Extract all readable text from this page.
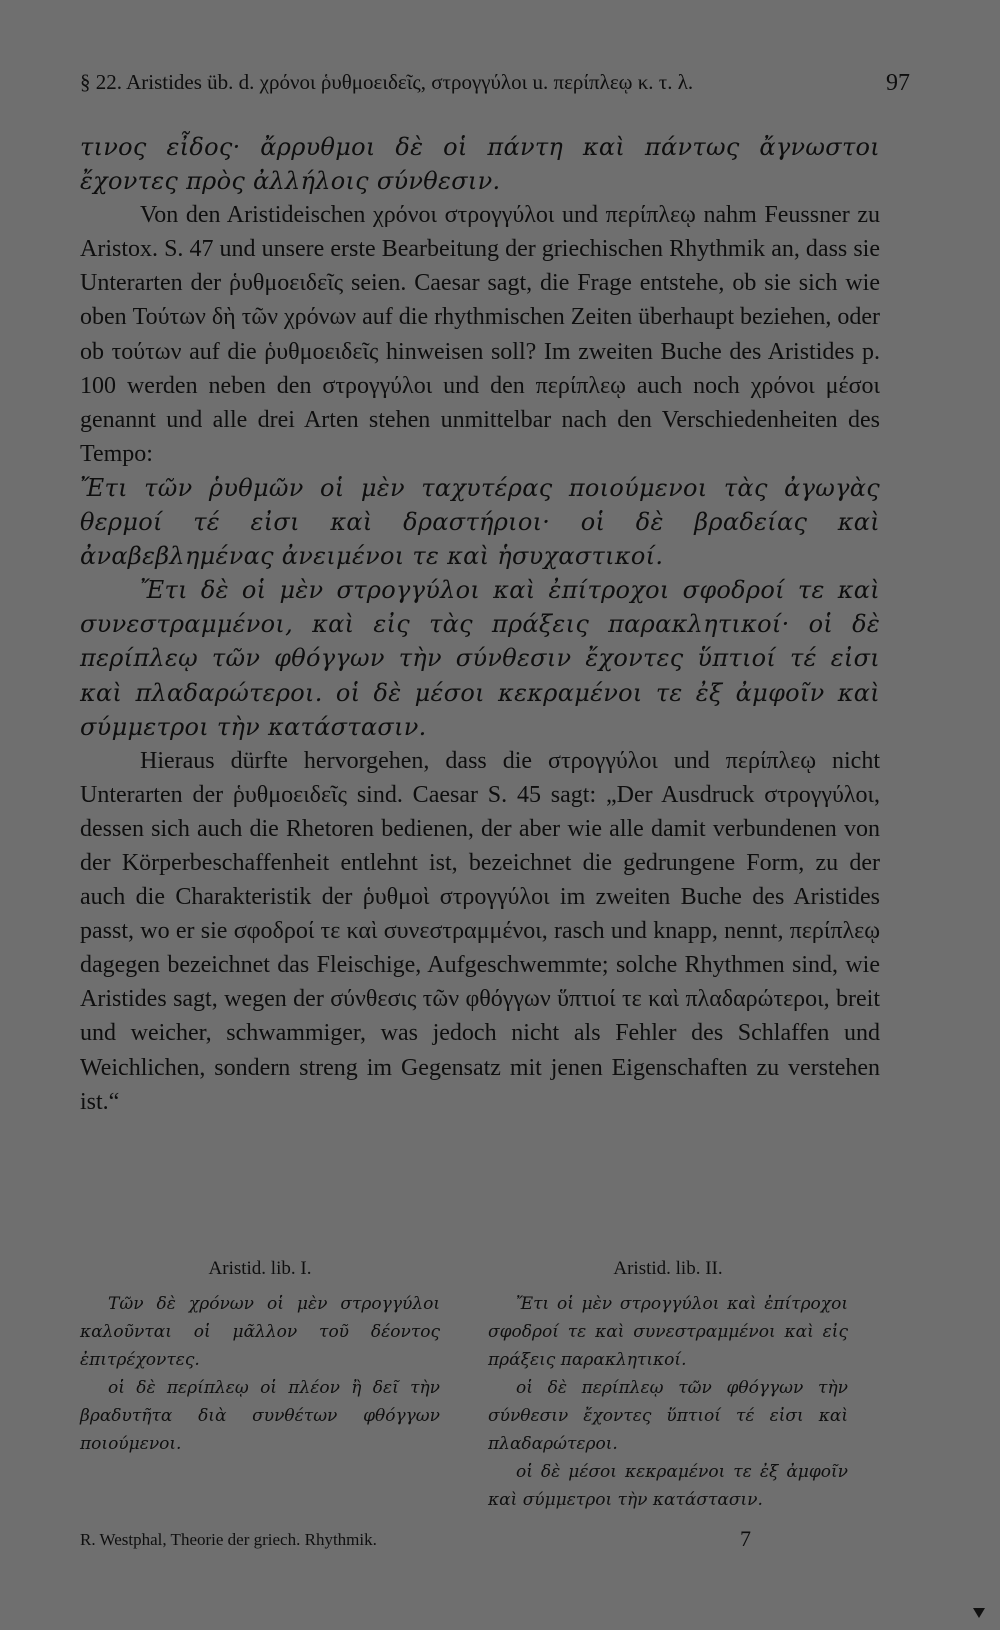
§ 22. Aristides üb. d. χρόνοι ῥυθμοειδεῖς, στρογγύλοι u. περίπλεῳ κ. τ. λ.	97

τινος εἶδος· ἄρρυθμοι δὲ οἱ πάντη καὶ πάντως ἄγνωστοι ἔχοντες πρὸς ἀλλήλοις σύνθεσιν.

Von den Aristideischen χρόνοι στρογγύλοι und περίπλεῳ nahm Feussner zu Aristox. S. 47 und unsere erste Bearbeitung der griechischen Rhythmik an, dass sie Unterarten der ῥυθμοειδεῖς seien. Caesar sagt, die Frage entstehe, ob sie sich wie oben Τούτων δὴ τῶν χρόνων auf die rhythmischen Zeiten überhaupt beziehen, oder ob τούτων auf die ῥυθμοειδεῖς hinweisen soll? Im zweiten Buche des Aristides p. 100 werden neben den στρογγύλοι und den περίπλεῳ auch noch χρόνοι μέσοι genannt und alle drei Arten stehen unmittelbar nach den Verschiedenheiten des Tempo:

Ἔτι τῶν ῥυθμῶν οἱ μὲν ταχυτέρας ποιούμενοι τὰς ἀγωγὰς θερμοί τέ εἰσι καὶ δραστήριοι· οἱ δὲ βραδείας καὶ ἀναβεβλημένας ἀνειμένοι τε καὶ ἡσυχαστικοί.

Ἔτι δὲ οἱ μὲν στρογγύλοι καὶ ἐπίτροχοι σφοδροί τε καὶ συνεστραμμένοι, καὶ εἰς τὰς πράξεις παρακλητικοί· οἱ δὲ περίπλεῳ τῶν φθόγγων τὴν σύνθεσιν ἔχοντες ὕπτιοί τέ εἰσι καὶ πλαδαρώτεροι. οἱ δὲ μέσοι κεκραμένοι τε ἐξ ἀμφοῖν καὶ σύμμετροι τὴν κατάστασιν.

Hieraus dürfte hervorgehen, dass die στρογγύλοι und περίπλεῳ nicht Unterarten der ῥυθμοειδεῖς sind. Caesar S. 45 sagt: „Der Ausdruck στρογγύλοι, dessen sich auch die Rhetoren bedienen, der aber wie alle damit verbundenen von der Körperbeschaffenheit entlehnt ist, bezeichnet die gedrungene Form, zu der auch die Charakteristik der ῥυθμοὶ στρογγύλοι im zweiten Buche des Aristides passt, wo er sie σφοδροί τε καὶ συνεστραμμένοι, rasch und knapp, nennt, περίπλεῳ dagegen bezeichnet das Fleischige, Aufgeschwemmte; solche Rhythmen sind, wie Aristides sagt, wegen der σύνθεσις τῶν φθόγγων ὕπτιοί τε καὶ πλαδαρώτεροι, breit und weicher, schwammiger, was jedoch nicht als Fehler des Schlaffen und Weichlichen, sondern streng im Gegensatz mit jenen Eigenschaften zu verstehen ist.“

Aristid. lib. I.

Τῶν δὲ χρόνων οἱ μὲν στρογγύλοι καλοῦνται οἱ μᾶλλον τοῦ δέοντος ἐπιτρέχοντες.

οἱ δὲ περίπλεῳ οἱ πλέον ἢ δεῖ τὴν βραδυτῆτα διὰ συνθέτων φθόγγων ποιούμενοι.

Aristid. lib. II.

Ἔτι οἱ μὲν στρογγύλοι καὶ ἐπίτροχοι σφοδροί τε καὶ συνεστραμμένοι καὶ εἰς πράξεις παρακλητικοί.

οἱ δὲ περίπλεῳ τῶν φθόγγων τὴν σύνθεσιν ἔχοντες ὕπτιοί τέ εἰσι καὶ πλαδαρώτεροι.

οἱ δὲ μέσοι κεκραμένοι τε ἐξ ἀμφοῖν καὶ σύμμετροι τὴν κατάστασιν.

R. Westphal, Theorie der griech. Rhythmik.	7
